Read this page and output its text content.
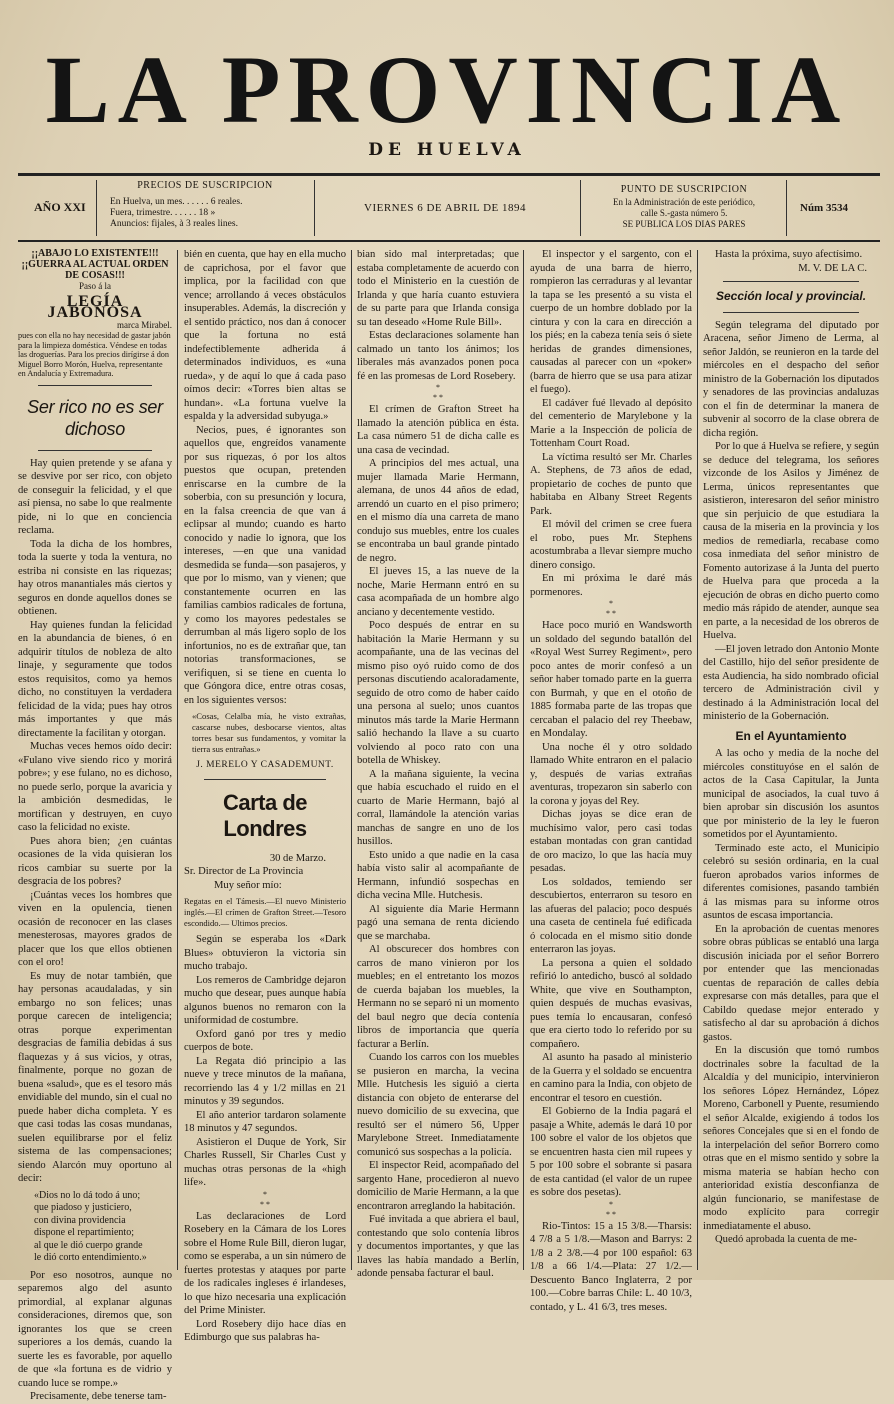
LA PROVINCIA
DE HUELVA
AÑO XXI
PRECIOS DE SUSCRIPCION
En Huelva, un mes. . . . . . 6 reales.
Fuera, trimestre. . . . . . 18 »
Anuncios: fijales, à 3 reales lines.
VIERNES 6 DE ABRIL DE 1894
PUNTO DE SUSCRIPCION
En la Administración de este periódico,
calle S.-gasta número 5.
SE PUBLICA LOS DIAS PARES
Núm 3534
¡¡ABAJO LO EXISTENTE!!!
¡¡GUERRA AL ACTUAL ORDEN DE COSAS!!!
Paso á la
LEGÍA JABONOSA
marca Mirabel.
pues con ella no hay necesidad de gastar jabón para la limpieza doméstica. Véndese en todas las droguerías. Para los precios dirígirse á don Miguel Borro Morón, Huelva, representante en Andalucía y Extremadura.
Ser rico no es ser dichoso

Hay quien pretende y se afana y se desvive por ser rico, con objeto de conseguir la felicidad, y el que así piensa, no sabe lo que realmente pide, ni lo que en conciencia reclama.

Toda la dicha de los hombres, toda la suerte y toda la ventura, no estriba ni consiste en las riquezas; hay otros manantiales más ciertos y seguros en donde aquellos dones se obtienen.

Hay quienes fundan la felicidad en la abundancia de bienes, ó en adquirir títulos de nobleza de alto linaje, y seguramente que todos estos requisitos, como ya hemos dicho, no constituyen la verdadera felicidad de la vida; pues hay otros más importantes y que más directamente la facilitan y otorgan.

Muchas veces hemos oído decir: «Fulano vive siendo rico y morirá pobre»; y ese fulano, no es dichoso, no puede serlo, porque la avaricia y la ambición desmedidas, le mortifican y destruyen, en cuyo caso la felicidad no existe.

Pues ahora bien; ¿en cuántas ocasiones de la vida quisieran los ricos cambiar su suerte por la desgracia de los pobres?

¡Cuántas veces los hombres que viven en la opulencia, tienen ocasión de reconocer en las clases menesterosas, mayores grados de placer que los que ellos obtienen con el oro!

Es muy de notar también, que hay personas acaudaladas, y sin embargo no son felices; unas porque carecen de inteligencia; otras porque experimentan desgracias de familia debidas á sus flaquezas y á sus vicios, y otras, finalmente, porque no gozan de buena «salud», que es el tesoro más envidiable del mundo, sin el cual no puede haber dicha completa. Y es que casi todas las cosas mundanas, suelen equilibrarse por el feliz sistema de las compensaciones; siendo Alarcón muy oportuno al decir:

«Dios no lo dá todo á uno;
que piadoso y justiciero,
con divina providencia
dispone el repartimiento;
al que le dió cuerpo grande
le dió corto entendimiento.»

Por eso nosotros, aunque no separemos algo del asunto primordial, al explanar algunas consideraciones, diremos que, son ignorantes los que se creen superiores a los demás, cuando la suerte les es favorable, por aquello de que «la fortuna es de vidrio y cuando luce se rompe.»

Precisamente, debe tenerse tam-

bién en cuenta, que hay en ella mucho de caprichosa, por el favor que implica, por la facilidad con que vence; arrollando á veces obstáculos insuperables. Además, la discreción y el sentido práctico, nos dan á conocer que la fortuna no está indefectiblemente adherida á determinados individuos, es «una rueda», y de aquí lo que á cada paso oímos decir: «Torres bien altas se hundan». «La fortuna vuelve la espalda y la adversidad subyuga.»

Necios, pues, é ignorantes son aquellos que, engreídos vanamente por sus riquezas, ó por los altos puestos que ocupan, pretenden enriscarse en la cumbre de la soberbia, con su presunción y locura, en la falsa creencia de que van á eclipsar al mundo; cuando es harto conocido y nadie lo ignora, que los intereses, —en que una vanidad desmedida se funda—son pasajeros, y que por lo mismo, van y vienen; que constantemente ocurren en las familias cambios radicales de fortuna, y como los mayores pedestales se derrumban al más ligero soplo de los infortunios, no es de extrañar que, tan notorias transformaciones, se verifiquen, si se tiene en cuenta lo que Góngora dice, entre otras cosas, en los siguientes versos:

«Cosas, Celalba mía, he visto extrañas, cascarse nubes, desbocarse vientos, altas torres besar sus fundamentos, y vomitar la tierra sus entrañas.»
J. MERELO Y CASADEMUNT.
Carta de Londres
30 de Marzo.
Sr. Director de La Provincia
Muy señor mío:
Regatas en el Támesis.—El nuevo Ministerio inglés.—El crímen de Grafton Street.—Tesoro escondido.— Ultimos precios.

Según se esperaba los «Dark Blues» obtuvieron la victoria sin mucho trabajo.

Los remeros de Cambridge dejaron mucho que desear, pues aunque había algunos buenos no remaron con la uniformidad de costumbre.

Oxford ganó por tres y medio cuerpos de bote.

La Regata dió principio a las nueve y trece minutos de la mañana, recorriendo las 4 y 1/2 millas en 21 minutos y 39 segundos.

El año anterior tardaron solamente 18 minutos y 47 segundos.

Asistieron el Duque de York, Sir Charles Russell, Sir Charles Cust y muchas otras personas de la «high life».

*
* *

Las declaraciones de Lord Rosebery en la Cámara de los Lores sobre el Home Rule Bill, dieron lugar, como se esperaba, a un sin número de fuertes protestas y ataques por parte de los radicales ingleses é irlandeses, lo que hizo necesaria una explicación del Prime Minister.

Lord Rosebery dijo hace días en Edimburgo que sus palabras ha-

bian sido mal interpretadas; que estaba completamente de acuerdo con todo el Ministerio en la cuestión de Irlanda y que haría cuanto estuviera de su parte para que Irlanda consiga su tan deseado «Home Rule Bill».

Estas declaraciones solamente han calmado un tanto los ánimos; los liberales más avanzados ponen poca fé en las promesas de Lord Rosebery.

*
* *

El crímen de Grafton Street ha llamado la atención pública en ésta. La casa número 51 de dicha calle es una casa de vecindad.

A principios del mes actual, una mujer llamada Marie Hermann, alemana, de unos 44 años de edad, arrendó un cuarto en el piso primero; en el mismo día una carreta de mano condujo sus muebles, entre los cuales se encontraba un baul grande pintado de negro.

El jueves 15, a las nueve de la noche, Marie Hermann entró en su casa acompañada de un hombre algo anciano y decentemente vestido.

Poco después de entrar en su habitación la Marie Hermann y su acompañante, una de las vecinas del mismo piso oyó ruido como de dos personas discutiendo acaloradamente, seguido de otro como de haber caído una persona al suelo; unos cuantos minutos más tarde la Marie Hermann salió hechando la llave a su cuarto volviendo al poco rato con una botella de Whiskey.

A la mañana siguiente, la vecina que había escuchado el ruido en el cuarto de Marie Hermann, bajó al corral, llamándole la atención varias manchas de sangre en uno de los husillos.

Esto unido a que nadie en la casa había visto salir al acompañante de Hermann, infundió sospechas en dicha vecina Mlle. Hutchesis.

Al siguiente día Marie Hermann pagó una semana de renta diciendo que se marchaba.

Al obscurecer dos hombres con carros de mano vinieron por los muebles; en el entretanto los mozos de cuerda bajaban los muebles, la Hermann no se separó ni un momento del baul negro que decía contenía libros de importancia que quería facturar a Berlín.

Cuando los carros con los muebles se pusieron en marcha, la vecina Mlle. Hutchesis les siguió a cierta distancia con objeto de enterarse del nuevo domicilio de su exvecina, que resultó ser el número 56, Upper Marylebone Street. Inmediatamente comunicó sus sospechas a la policía.

El inspector Reid, acompañado del sargento Hane, procedieron al nuevo domicilio de Marie Hermann, a la que encontraron arreglando la habitación.

Fué invitada a que abriera el baul, contestando que solo contenía libros y documentos importantes, y que las llaves las había mandado a Berlín, adonde pensaba facturar el baul.

El inspector y el sargento, con el ayuda de una barra de hierro, rompieron las cerraduras y al levantar la tapa se les presentó a su vista el cuerpo de un hombre doblado por la cintura y con la cara en dirección a los piés; en la cabeza tenía seis ó siete heridas de grandes dimensiones, causadas al parecer con un «poker» (barra de hierro que se usa para atizar el fuego).

El cadáver fué llevado al depósito del cementerio de Marylebone y la Marie a la Inspección de policía de Tottenham Court Road.

La víctima resultó ser Mr. Charles A. Stephens, de 73 años de edad, propietario de coches de punto que habitaba en Albany Street Regents Park.

El móvil del crimen se cree fuera el robo, pues Mr. Stephens acostumbraba a llevar siempre mucho dinero consigo.

En mi próxima le daré más pormenores.

*
* *

Hace poco murió en Wandsworth un soldado del segundo batallón del «Royal West Surrey Regiment», pero poco antes de morir confesó a un señor haber tomado parte en la guerra con Burmah, y que en el otoño de 1885 formaba parte de las tropas que cercaban el palacio del rey Theebaw, en Mondalay.

Una noche él y otro soldado llamado White entraron en el palacio y, después de varias extrañas aventuras, tropezaron sin saberlo con la corona y joyas del Rey.

Dichas joyas se dice eran de muchísimo valor, pero casi todas estaban montadas con gran cantidad de oro macizo, lo que las hacía muy pesadas.

Los soldados, temiendo ser descubiertos, enterraron su tesoro en las afueras del palacio; poco después una caseta de centinela fué edificada ó colocada en el mismo sitio donde enterraron las joyas.

La persona a quien el soldado refirió lo antedicho, buscó al soldado White, que vive en Southampton, quien después de muchas evasivas, pues temía lo encausaran, confesó que era cierto todo lo referido por su compañero.

Al asunto ha pasado al ministerio de la Guerra y el soldado se encuentra en camino para la India, con objeto de encontrar el tesoro en cuestión.

El Gobierno de la India pagará el pasaje a White, además le dará 10 por 100 sobre el valor de los objetos que se encuentren hasta cien mil rupees y 5 por 100 sobre el sobrante si pasara de esta cantidad (el valor de un rupee es sobre dos pesetas).

*
* *

Rio-Tintos: 15 a 15 3/8.—Tharsis: 4 7/8 a 5 1/8.—Mason and Barrys: 2 1/8 a 2 3/8.—4 por 100 español: 63 1/8 a 66 1/4.—Plata: 27 1/2.—Descuento Banco Inglaterra, 2 por 100.—Cobre barras Chile: L. 40 10/3, contado, y L. 41 6/3, tres meses.

Hasta la próxima, suyo afectísimo.

M. V. DE LA C.
Sección local y provincial.

Según telegrama del diputado por Aracena, señor Jimeno de Lerma, al señor Jaldón, se reunieron en la tarde del miércoles en el despacho del señor ministro de la Gobernación los diputados y senadores de las provincias andaluzas con el fin de determinar la manera de subvenir al socorro de la clase obrera de dicha región.

Por lo que á Huelva se refiere, y según se deduce del telegrama, los señores vizconde de los Asilos y Jiménez de Lerma, únicos representantes que asistieron, interesaron del señor ministro que sin perjuicio de que estudiara la causa de la miseria en la provincia y los medios de remediarla, recabase como cosa inmediata del señor ministro de Fomento autorizase á la Junta del puerto de Huelva para que proceda a la ejecución de obras en dicho puerto como medio más rápido de atender, aunque sea en parte, a la necesidad de los obreros de Huelva.

—El joven letrado don Antonio Monte del Castillo, hijo del señor presidente de esta Audiencia, ha sido nombrado oficial tercero de Administración civil y destinado á la Administración local del ministerio de la Gobernación.

En el Ayuntamiento

A las ocho y media de la noche del miércoles constituyóse en el salón de actos de la Casa Capitular, la Junta municipal de asociados, la cual tuvo á bien aprobar sin discusión los asuntos que por ministerio de la ley le fueron sometidos por el Ayuntamiento.

Terminado este acto, el Municipio celebró su sesión ordinaria, en la cual fueron aprobados varios informes de diferentes comisiones, pasando también á las mismas para su informe otros asuntos de escasa importancia.

En la aprobación de cuentas menores sobre obras públicas se entabló una larga discusión iniciada por el señor Borrero por entender que las mencionadas cuentas de reparación de calles debía expresarse con más detalles, para que el Cabildo quedase mejor enterado y satisfecho al dar su aprobación á dichos gastos.

En la discusión que tomó rumbos doctrinales sobre la facultad de la Alcaldía y del municipio, intervinieron los señores López Hernández, López Moreno, Carbonell y Puente, resumiendo el señor Alcalde, exigiendo á todos los señores Concejales que si en el fondo de la interpelación del señor Borrero como otras que en el mismo sentido y sobre la misma materia se habían hecho con anterioridad existía desconfianza de algún funcionario, se manifestase de modo explícito para corregir inmediatamente el abuso.

Quedó aprobada la cuenta de me-
